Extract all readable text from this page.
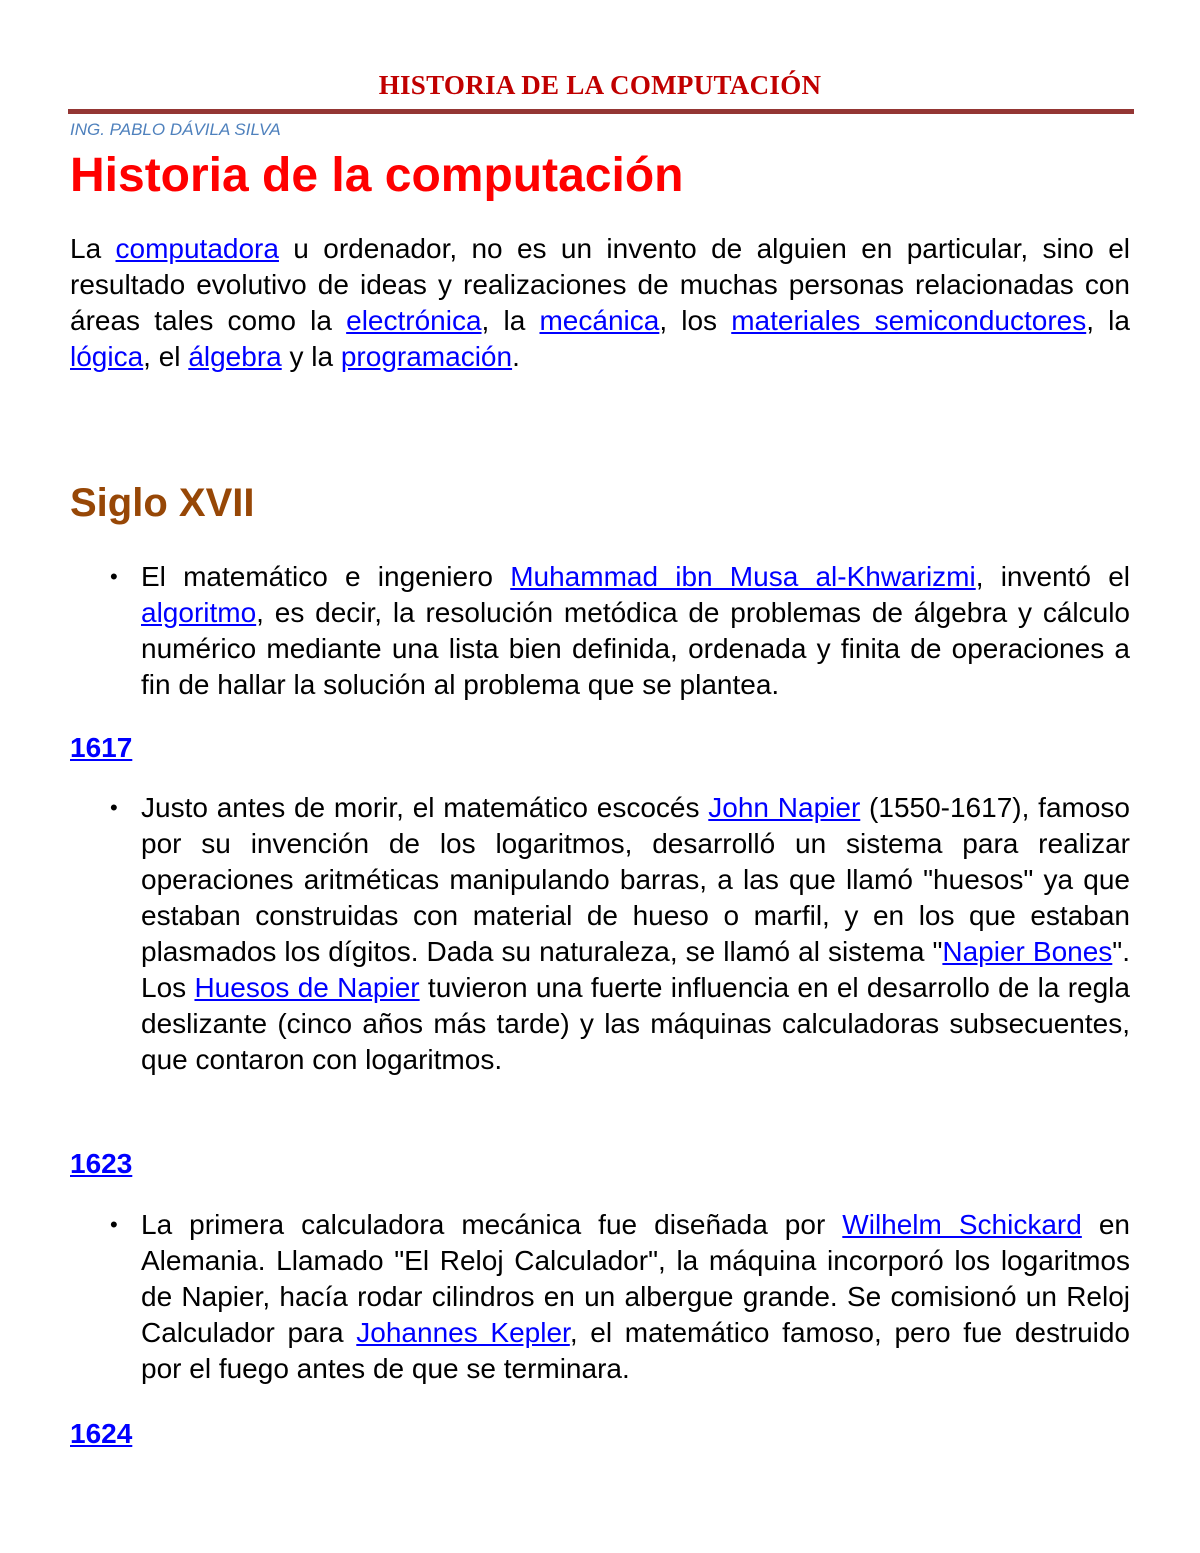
HISTORIA DE LA COMPUTACIÓN
ING. PABLO DÁVILA SILVA
Historia de la computación

La computadora u ordenador, no es un invento de alguien en particular, sino el resultado evolutivo de ideas y realizaciones de muchas personas relacionadas con áreas tales como la electrónica, la mecánica, los materiales semiconductores, la lógica, el álgebra y la programación.

Siglo XVII
• El matemático e ingeniero Muhammad ibn Musa al-Khwarizmi, inventó el algoritmo, es decir, la resolución metódica de problemas de álgebra y cálculo numérico mediante una lista bien definida, ordenada y finita de operaciones a fin de hallar la solución al problema que se plantea.

1617
• Justo antes de morir, el matemático escocés John Napier (1550-1617), famoso por su invención de los logaritmos, desarrolló un sistema para realizar operaciones aritméticas manipulando barras, a las que llamó "huesos" ya que estaban construidas con material de hueso o marfil, y en los que estaban plasmados los dígitos. Dada su naturaleza, se llamó al sistema "Napier Bones". Los Huesos de Napier tuvieron una fuerte influencia en el desarrollo de la regla deslizante (cinco años más tarde) y las máquinas calculadoras subsecuentes, que contaron con logaritmos.

1623
• La primera calculadora mecánica fue diseñada por Wilhelm Schickard en Alemania. Llamado "El Reloj Calculador", la máquina incorporó los logaritmos de Napier, hacía rodar cilindros en un albergue grande. Se comisionó un Reloj Calculador para Johannes Kepler, el matemático famoso, pero fue destruido por el fuego antes de que se terminara.

1624
